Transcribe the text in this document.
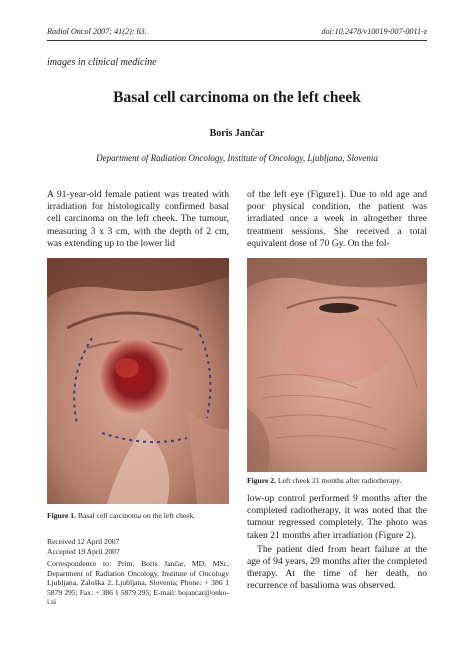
Radiol Oncol 2007; 41(2): 63.	doi:10.2478/v10019-007-0011-z
images in clinical medicine
Basal cell carcinoma on the left cheek
Boris Jančar
Department of Radiation Oncology, Institute of Oncology, Ljubljana, Slovenia

A 91-year-old female patient was treated with irradiation for histologically confirmed basal cell carcinoma on the left cheek. The tumour, measuring 3 x 3 cm, with the depth of 2 cm, was extending up to the lower lid

of the left eye (Figure1). Due to old age and poor physical condition, the patient was irradiated once a week in altogether three treatment sessions. She received a total equivalent dose of 70 Gy. On the fol-

Figure 2. Left cheek 21 months after radiotherapy.

low-up control performed 9 months after the completed radiotherapy, it was noted that the tumour regressed completely. The photo was taken 21 months after irradiation (Figure 2).

The patient died from heart failure at the age of 94 years, 29 months after the completed therapy. At the time of her death, no recurrence of basalioma was observed.

Figure 1. Basal cell carcinoma on the left cheek.

Received 12 April 2007

Accepted 19 April 2007

Correspondence to: Prim. Boris Jančar, MD, MSc, Department of Radiation Oncology, Institute of Oncology Ljubljana, Zaloška 2, Ljubljana, Slovenia; Phone: + 386 1 5879 295; Fax: + 386 1 5879 295; E-mail: bojancar@onko-i.si
